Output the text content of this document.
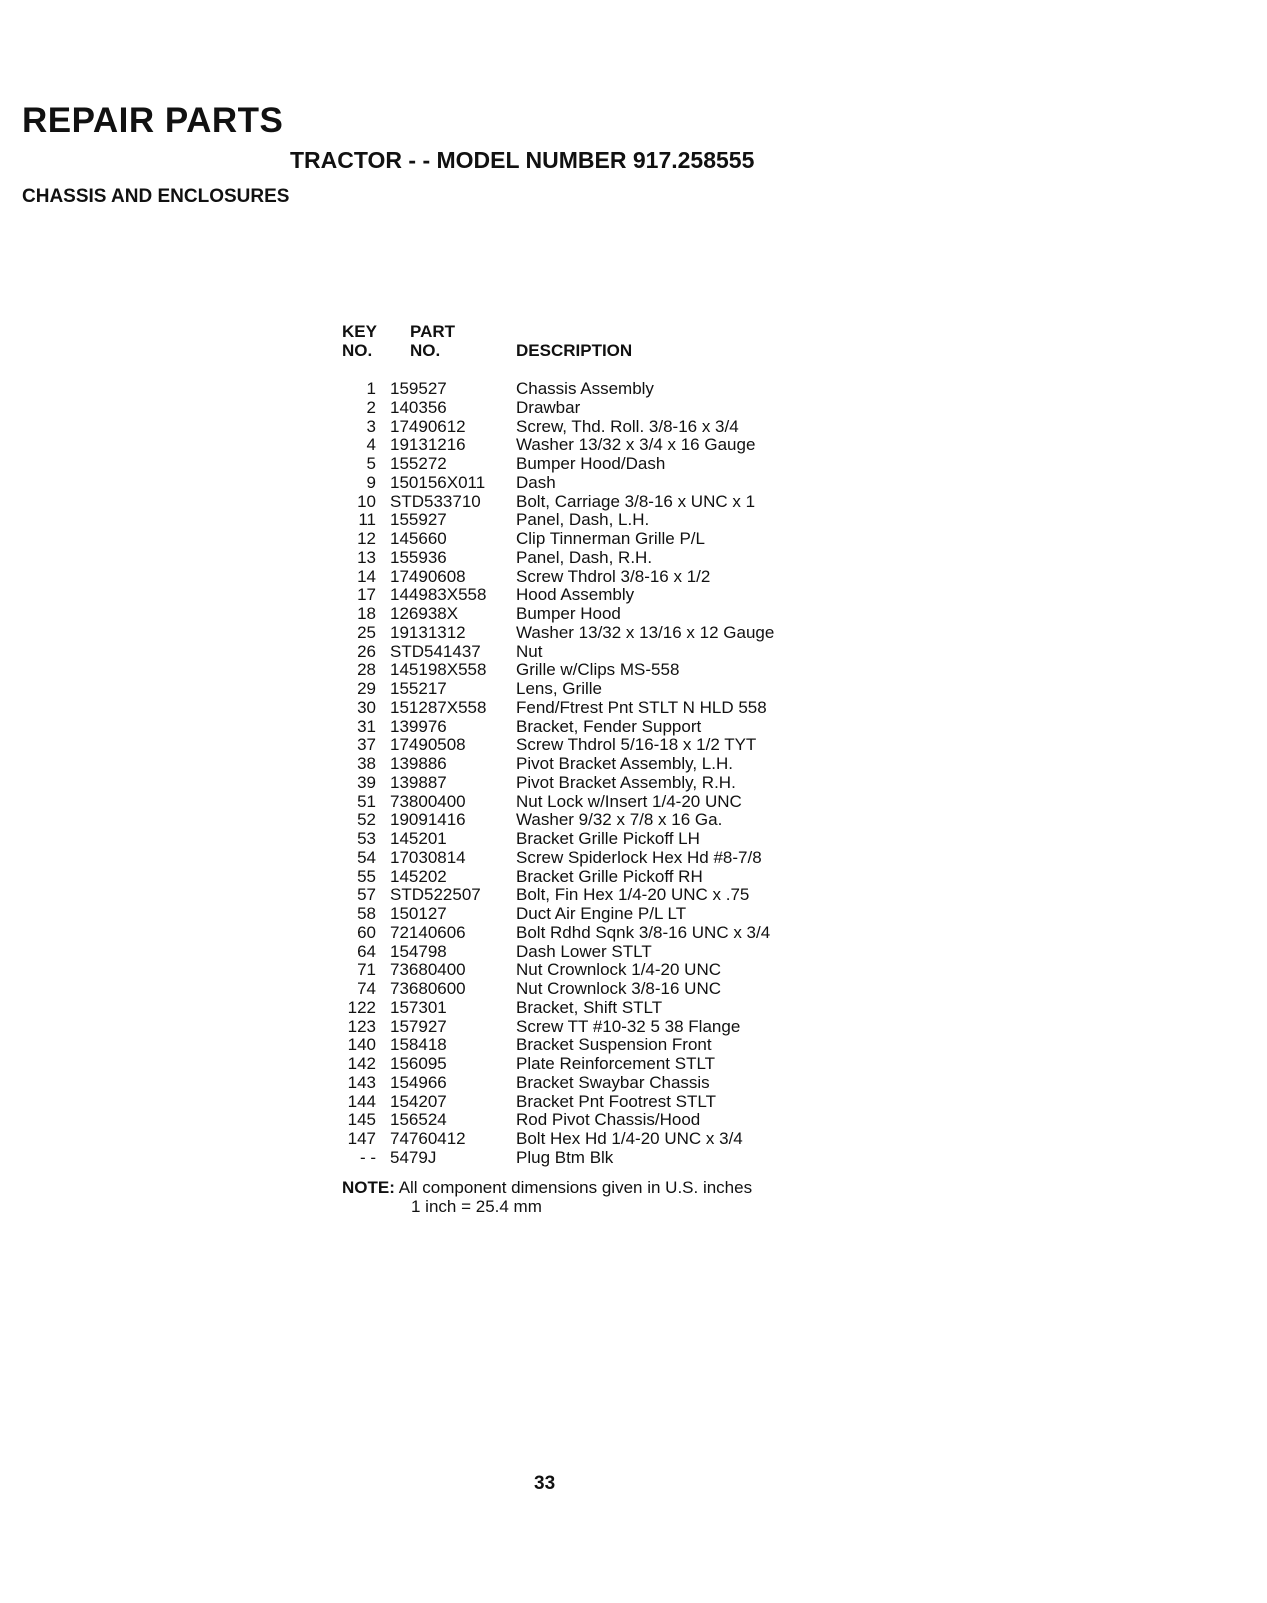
REPAIR PARTS
TRACTOR - - MODEL NUMBER 917.258555
CHASSIS AND ENCLOSURES
KEY
NO.
PART
NO.	DESCRIPTION
1 159527	Chassis Assembly
2 140356	Drawbar
3 17490612	Screw, Thd. Roll. 3/8-16 x 3/4
4 19131216	Washer 13/32 x 3/4 x 16 Gauge
5 155272	Bumper Hood/Dash
9 150156X011 Dash
10 STD533710 Bolt, Carriage 3/8-16 x UNC x 1
11 155927	Panel, Dash, L.H.
12 145660	Clip Tinnerman Grille P/L
13 155936	Panel, Dash, R.H.
14 17490608	Screw Thdrol 3/8-16 x 1/2
17 144983X558 Hood Assembly
18 126938X	Bumper Hood
25 19131312	Washer 13/32 x 13/16 x 12 Gauge
26 STD541437 Nut
28 145198X558 Grille w/Clips MS-558
29 155217	Lens, Grille
30 151287X558 Fend/Ftrest Pnt STLT N HLD 558
31 139976	Bracket, Fender Support
37 17490508	Screw Thdrol 5/16-18 x 1/2 TYT
38 139886	Pivot Bracket Assembly, L.H.
39 139887	Pivot Bracket Assembly, R.H.
51 73800400	Nut Lock w/Insert 1/4-20 UNC
52 19091416	Washer 9/32 x 7/8 x 16 Ga.
53 145201	Bracket Grille Pickoff LH
54 17030814	Screw Spiderlock Hex Hd #8-7/8
55 145202	Bracket Grille Pickoff RH
57 STD522507 Bolt, Fin Hex 1/4-20 UNC x .75
58 150127	Duct Air Engine P/L LT
60 72140606	Bolt Rdhd Sqnk 3/8-16 UNC x 3/4
64 154798	Dash Lower STLT
71 73680400	Nut Crownlock 1/4-20 UNC
74 73680600	Nut Crownlock 3/8-16 UNC
122 157301	Bracket, Shift STLT
123 157927	Screw TT #10-32 5 38 Flange
140 158418	Bracket Suspension Front
142 156095	Plate Reinforcement STLT
143 154966	Bracket Swaybar Chassis
144 154207	Bracket Pnt Footrest STLT
145 156524	Rod Pivot Chassis/Hood
147 74760412	Bolt Hex Hd 1/4-20 UNC x 3/4
- - 5479J	Plug Btm Blk
NOTE: All component dimensions given in U.S. inches
1 inch = 25.4 mm
33
